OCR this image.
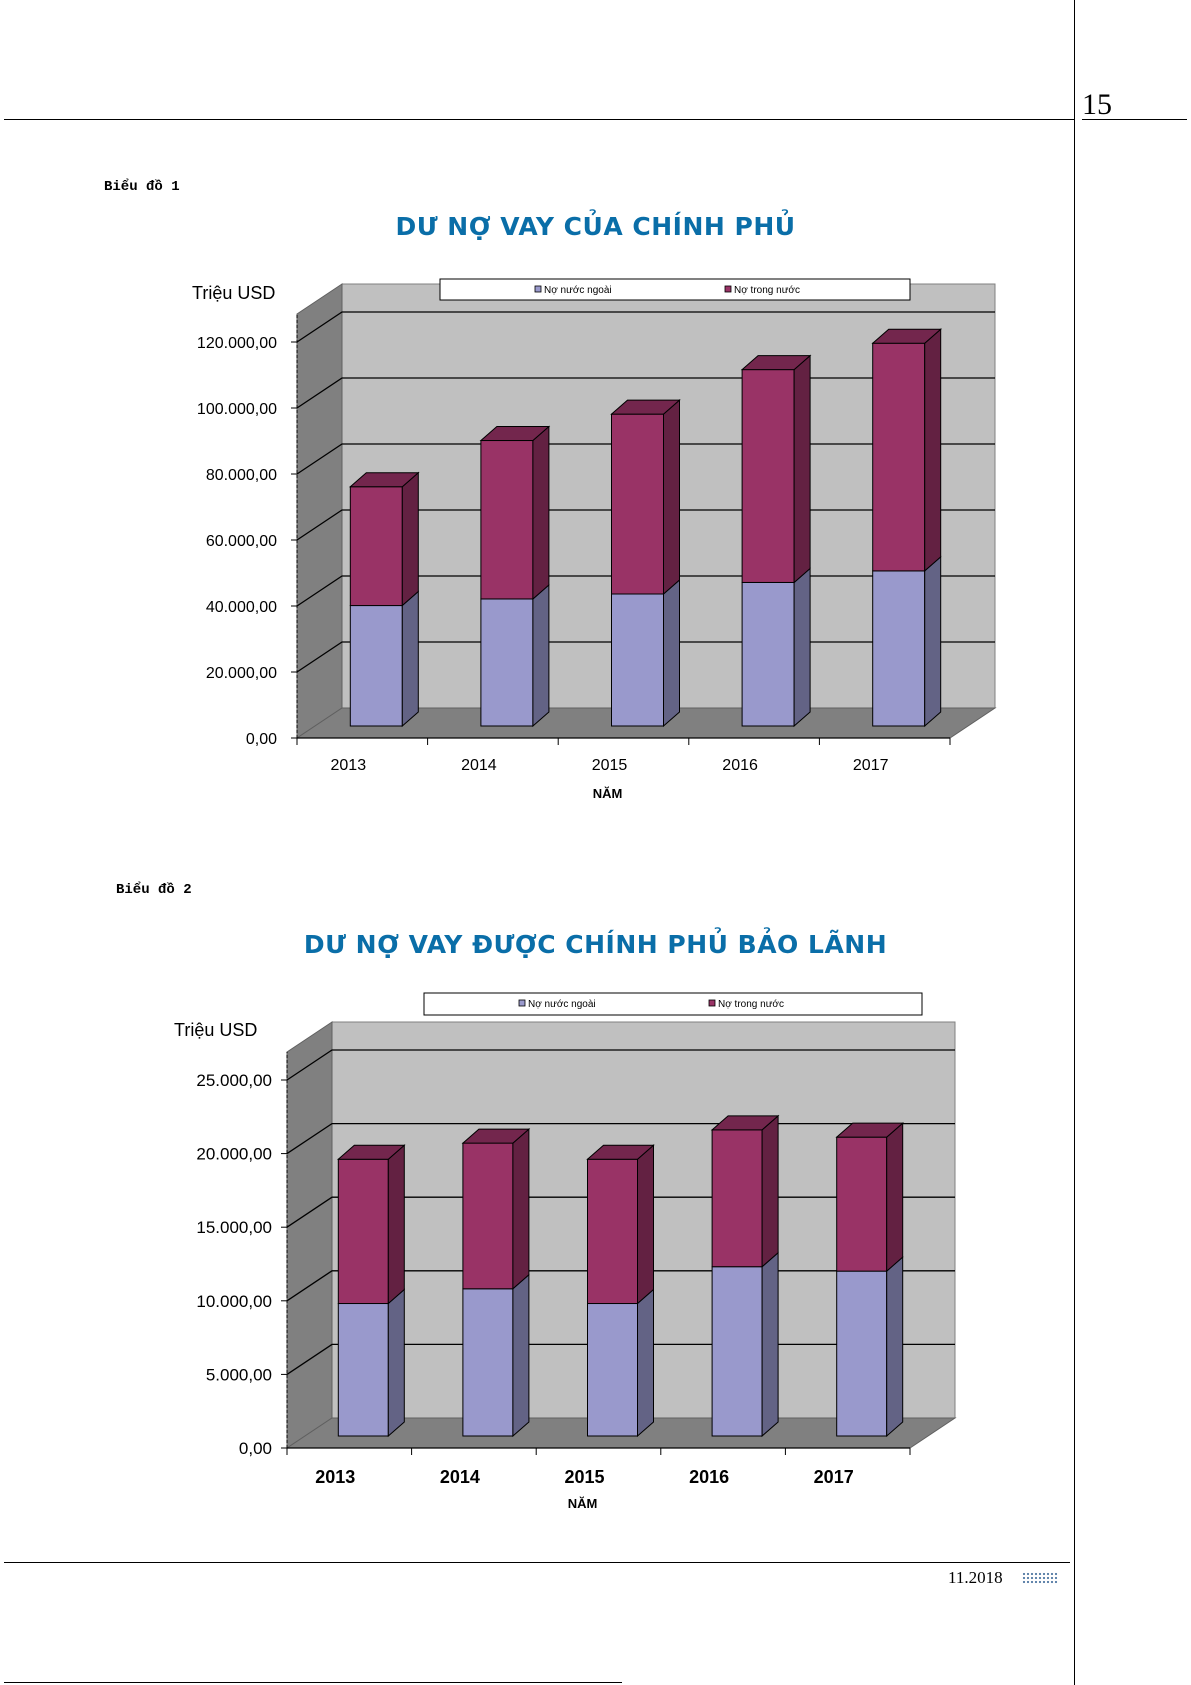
15
Biểu đồ 1
DƯ NỢ VAY CỦA CHÍNH PHỦ
0,00
20.000,00
40.000,00
60.000,00
80.000,00
100.000,00
120.000,00
2013	2014	2015	2016	2017
Triệu USD
NĂM
Nợ nước ngoài	Nợ trong nước
Biểu đồ 2
DƯ NỢ VAY ĐƯỢC CHÍNH PHỦ BẢO LÃNH
0,00
5.000,00
10.000,00
15.000,00
20.000,00
25.000,00
2013	2014	2015	2016	2017
Triệu USD
NĂM
Nợ nước ngoài	Nợ trong nước
11.2018
